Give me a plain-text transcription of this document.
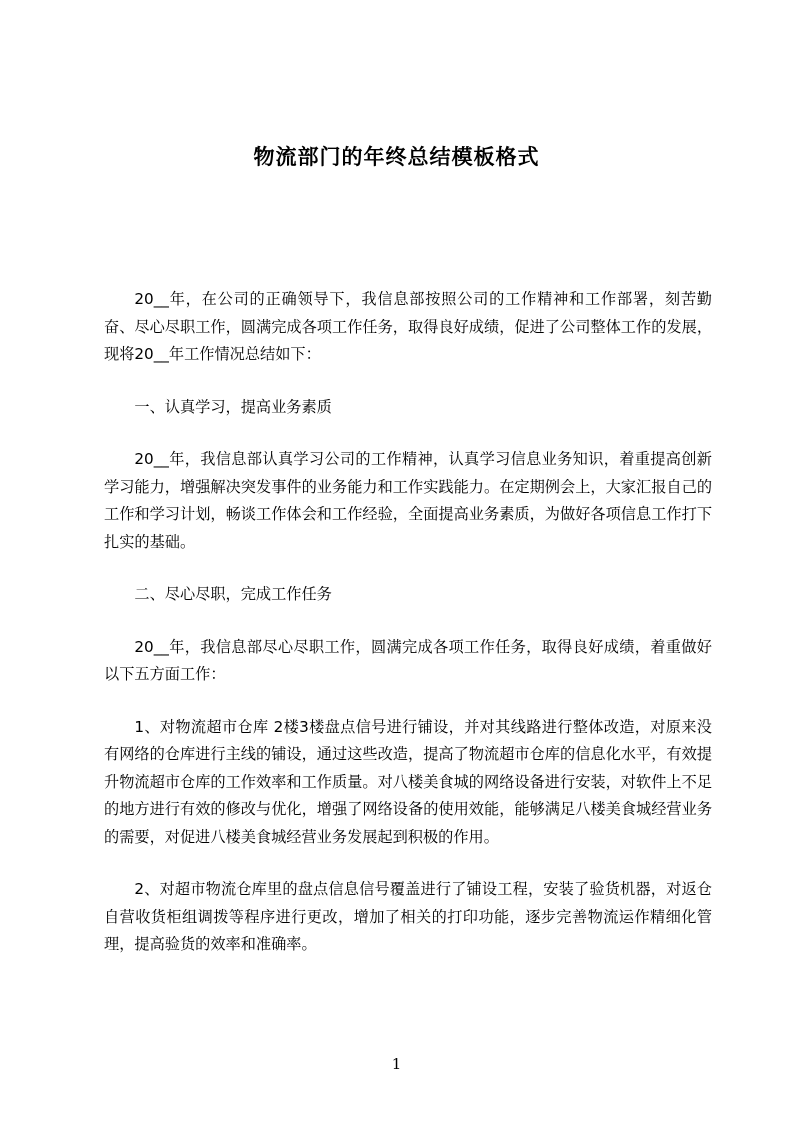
物流部门的年终总结模板格式

20__年，在公司的正确领导下，我信息部按照公司的工作精神和工作部署，刻苦勤奋、尽心尽职工作，圆满完成各项工作任务，取得良好成绩，促进了公司整体工作的发展，现将20__年工作情况总结如下：

一、认真学习，提高业务素质

20__年，我信息部认真学习公司的工作精神，认真学习信息业务知识，着重提高创新学习能力，增强解决突发事件的业务能力和工作实践能力。在定期例会上，大家汇报自己的工作和学习计划，畅谈工作体会和工作经验，全面提高业务素质，为做好各项信息工作打下扎实的基础。

二、尽心尽职，完成工作任务

20__年，我信息部尽心尽职工作，圆满完成各项工作任务，取得良好成绩，着重做好以下五方面工作：

1、对物流超市仓库 2楼3楼盘点信号进行铺设，并对其线路进行整体改造，对原来没有网络的仓库进行主线的铺设，通过这些改造，提高了物流超市仓库的信息化水平，有效提升物流超市仓库的工作效率和工作质量。对八楼美食城的网络设备进行安装，对软件上不足的地方进行有效的修改与优化，增强了网络设备的使用效能，能够满足八楼美食城经营业务的需要，对促进八楼美食城经营业务发展起到积极的作用。

2、对超市物流仓库里的盘点信息信号覆盖进行了铺设工程，安装了验货机器，对返仓自营收货柜组调拨等程序进行更改，增加了相关的打印功能，逐步完善物流运作精细化管理，提高验货的效率和准确率。

1
